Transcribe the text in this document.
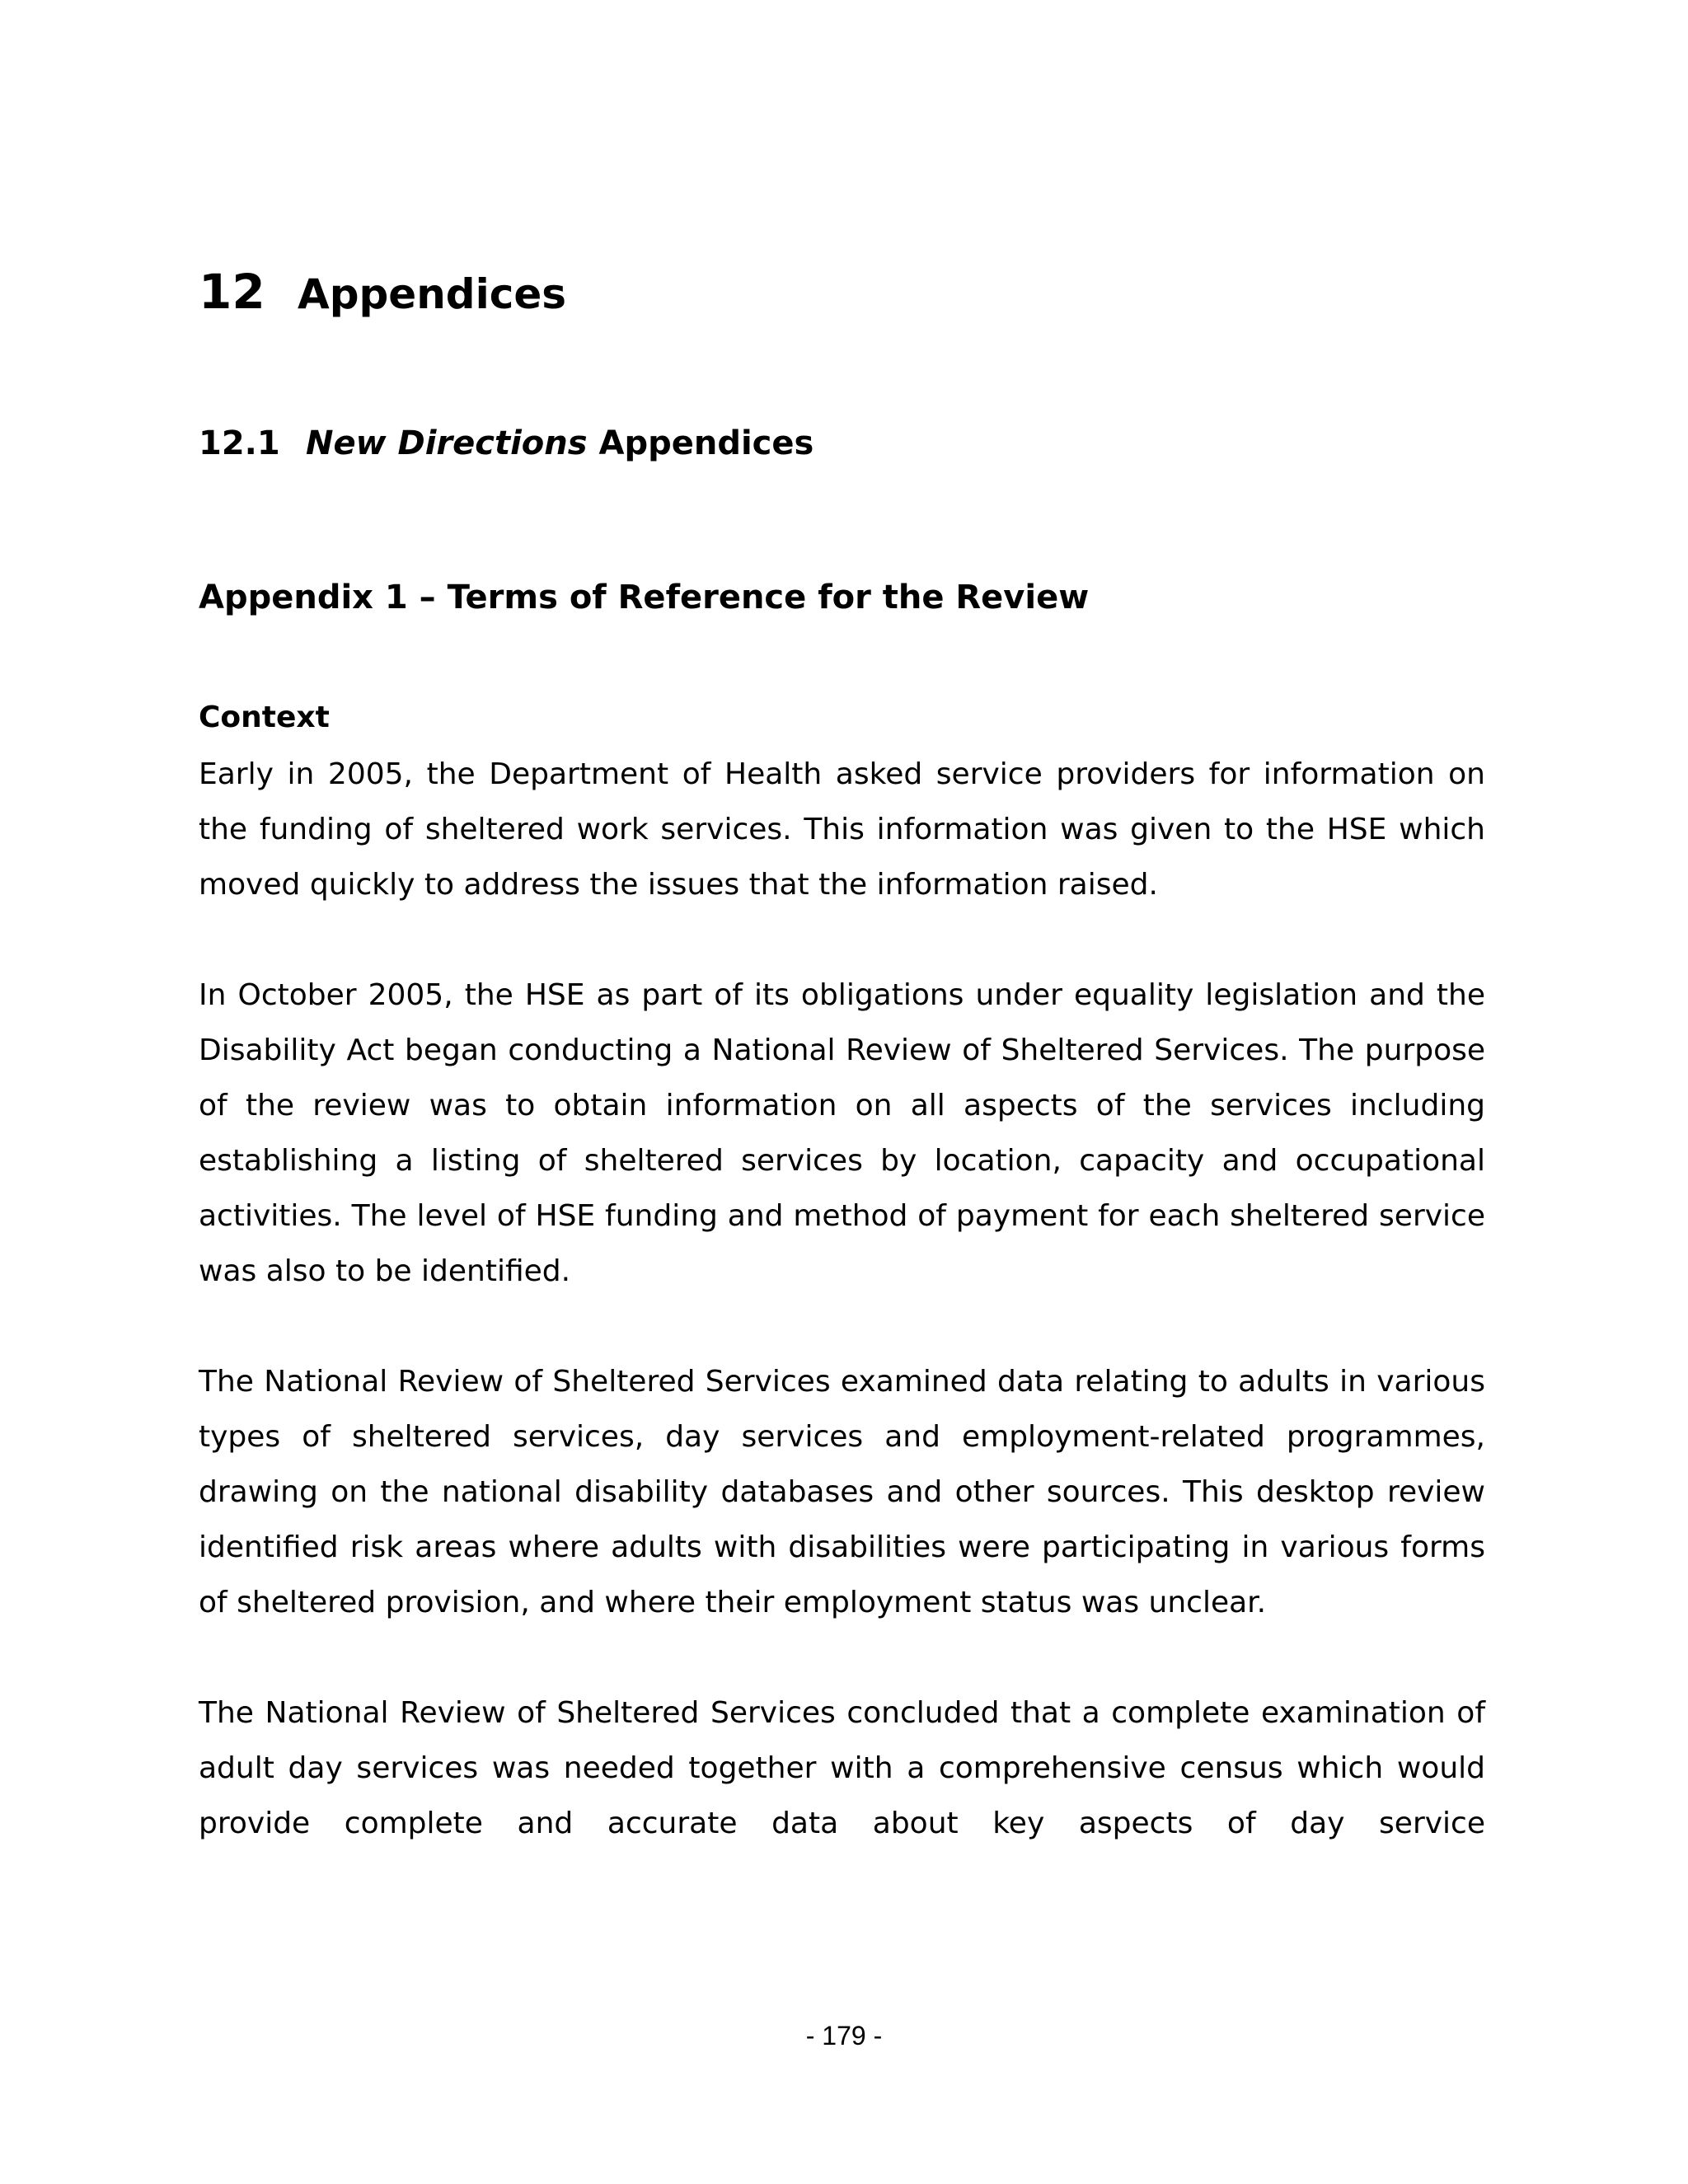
12 Appendices
12.1 New Directions Appendices
Appendix 1 – Terms of Reference for the Review
Context

Early in 2005, the Department of Health asked service providers for information on the funding of sheltered work services. This information was given to the HSE which moved quickly to address the issues that the information raised.

In October 2005, the HSE as part of its obligations under equality legislation and the Disability Act began conducting a National Review of Sheltered Services. The purpose of the review was to obtain information on all aspects of the services including establishing a listing of sheltered services by location, capacity and occupational activities. The level of HSE funding and method of payment for each sheltered service was also to be identified.

The National Review of Sheltered Services examined data relating to adults in various types of sheltered services, day services and employment-related programmes, drawing on the national disability databases and other sources. This desktop review identified risk areas where adults with disabilities were participating in various forms of sheltered provision, and where their employment status was unclear.

The National Review of Sheltered Services concluded that a complete examination of adult day services was needed together with a comprehensive census which would provide complete and accurate data about key aspects of day service

- 179 -
